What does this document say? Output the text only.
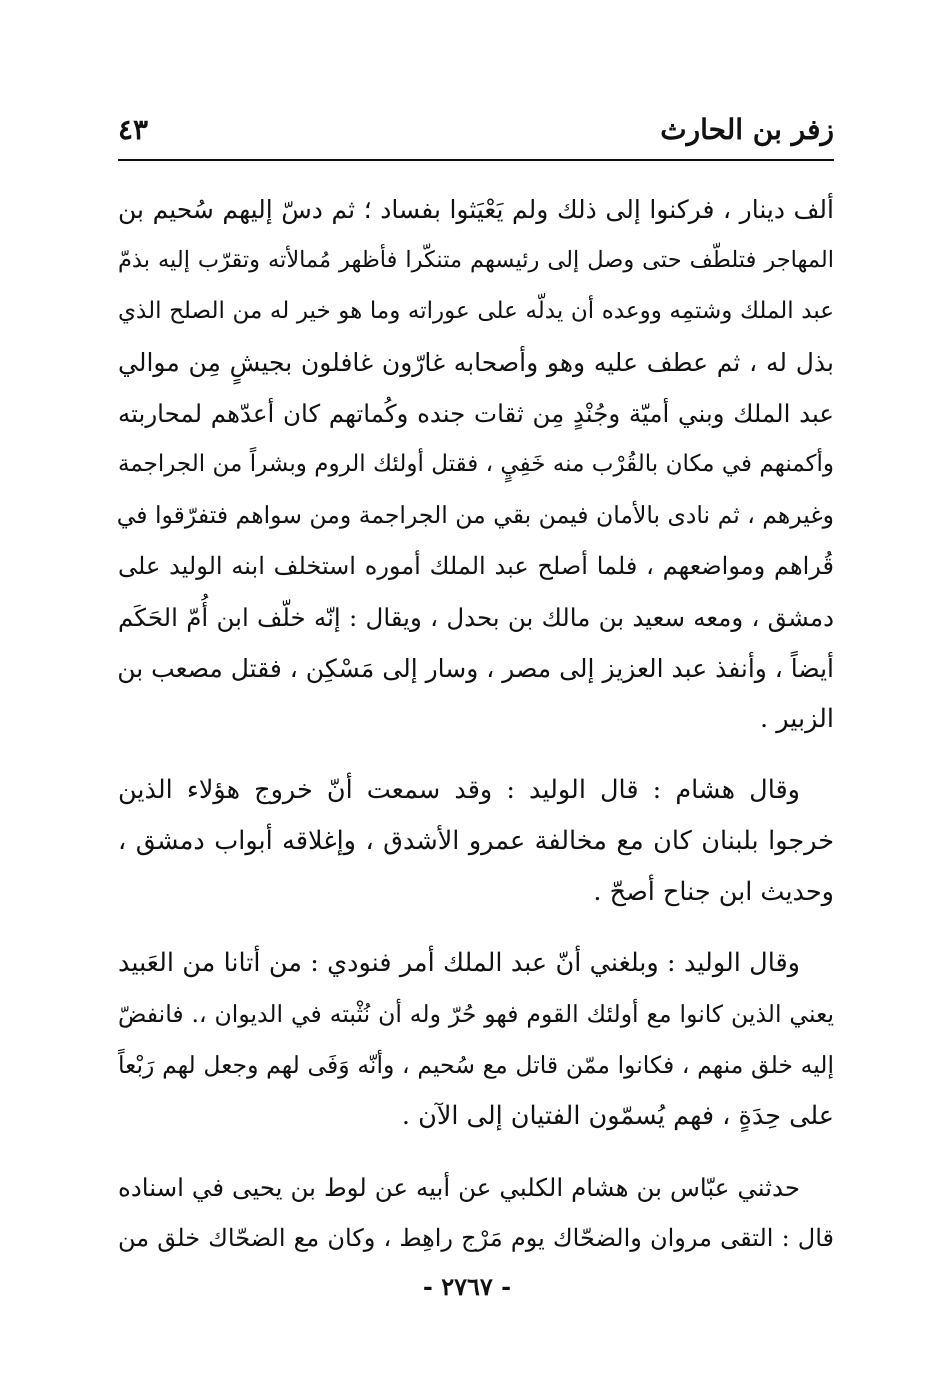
زفر بن الحارث
٤٣
ألف دينار ، فركنوا إلى ذلك ولم يَعْيَثوا بفساد ؛ ثم دسّ إليهم سُحيم بن
المهاجر فتلطّف حتى وصل إلى رئيسهم متنكّرا فأظهر مُمالأته وتقرّب إليه بذمّ
عبد الملك وشتمِه ووعده أن يدلّه على عوراته وما هو خير له من الصلح الذي
بذل له ، ثم عطف عليه وهو وأصحابه غارّون غافلون بجيشٍ مِن موالي
عبد الملك وبني أميّة وجُنْدٍ مِن ثقات جنده وكُماتهم كان أعدّهم لمحاربته
وأكمنهم في مكان بالقُرْب منه خَفِيٍ ، فقتل أولئك الروم وبشراً من الجراجمة
وغيرهم ، ثم نادى بالأمان فيمن بقي من الجراجمة ومن سواهم فتفرّقوا في
قُراهم ومواضعهم ، فلما أصلح عبد الملك أموره استخلف ابنه الوليد على
دمشق ، ومعه سعيد بن مالك بن بحدل ، ويقال : إنّه خلّف ابن أُمّ الحَكَم
أيضاً ، وأنفذ عبد العزيز إلى مصر ، وسار إلى مَسْكِن ، فقتل مصعب بن
الزبير .
وقال هشام : قال الوليد : وقد سمعت أنّ خروج هؤلاء الذين
خرجوا بلبنان كان مع مخالفة عمرو الأشدق ، وإغلاقه أبواب دمشق ،
وحديث ابن جناح أصحّ .
وقال الوليد : وبلغني أنّ عبد الملك أمر فنودي : من أتانا من العَبيد
يعني الذين كانوا مع أولئك القوم فهو حُرّ وله أن نُثْبته في الديوان ،. فانفضّ
إليه خلق منهم ، فكانوا ممّن قاتل مع سُحيم ، وأنّه وَفَى لهم وجعل لهم رَبْعاً
على حِدَةٍ ، فهم يُسمّون الفتيان إلى الآن .
حدثني عبّاس بن هشام الكلبي عن أبيه عن لوط بن يحيى في اسناده
قال : التقى مروان والضحّاك يوم مَرْج راهِط ، وكان مع الضحّاك خلق من
- ٢٧٦٧ -
